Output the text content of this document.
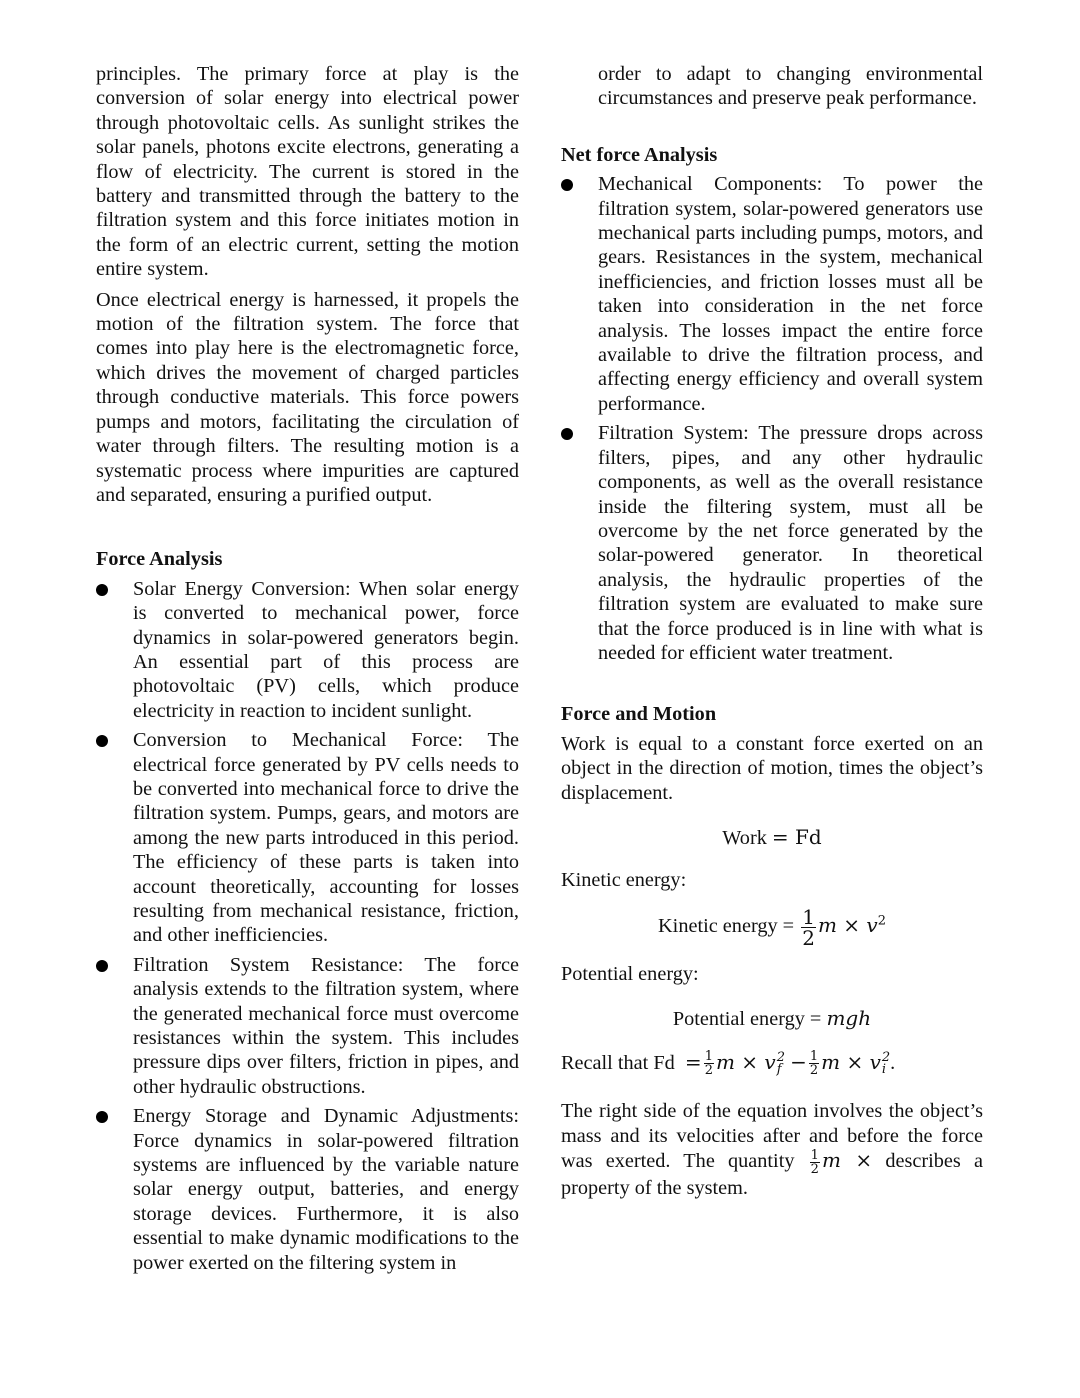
principles. The primary force at play is the conversion of solar energy into electrical power through photovoltaic cells. As sunlight strikes the solar panels, photons excite electrons, generating a flow of electricity. The current is stored in the battery and transmitted through the battery to the filtration system and this force initiates motion in the form of an electric current, setting the motion entire system.

Once electrical energy is harnessed, it propels the motion of the filtration system. The force that comes into play here is the electromagnetic force, which drives the movement of charged particles through conductive materials. This force powers pumps and motors, facilitating the circulation of water through filters. The resulting motion is a systematic process where impurities are captured and separated, ensuring a purified output.

Force Analysis
Solar Energy Conversion: When solar energy is converted to mechanical power, force dynamics in solar-powered generators begin. An essential part of this process are photovoltaic (PV) cells, which produce electricity in reaction to incident sunlight.
Conversion to Mechanical Force: The electrical force generated by PV cells needs to be converted into mechanical force to drive the filtration system. Pumps, gears, and motors are among the new parts introduced in this period. The efficiency of these parts is taken into account theoretically, accounting for losses resulting from mechanical resistance, friction, and other inefficiencies.
Filtration System Resistance: The force analysis extends to the filtration system, where the generated mechanical force must overcome resistances within the system. This includes pressure dips over filters, friction in pipes, and other hydraulic obstructions.
Energy Storage and Dynamic Adjustments: Force dynamics in solar-powered filtration systems are influenced by the variable nature solar energy output, batteries, and energy storage devices. Furthermore, it is also essential to make dynamic modifications to the power exerted on the filtering system in

order to adapt to changing environmental circumstances and preserve peak performance.

Net force Analysis
Mechanical Components: To power the filtration system, solar-powered generators use mechanical parts including pumps, motors, and gears. Resistances in the system, mechanical inefficiencies, and friction losses must all be taken into consideration in the net force analysis. The losses impact the entire force available to drive the filtration process, and affecting energy efficiency and overall system performance.
Filtration System: The pressure drops across filters, pipes, and any other hydraulic components, as well as the overall resistance inside the filtering system, must all be overcome by the net force generated by the solar-powered generator. In theoretical analysis, the hydraulic properties of the filtration system are evaluated to make sure that the force produced is in line with what is needed for efficient water treatment.
Force and Motion

Work is equal to a constant force exerted on an object in the direction of motion, times the object’s displacement.

Work = Fd

Kinetic energy:

Kinetic energy = $\frac{1}{2}$ $m \times v^2$

Potential energy:

Potential energy = mgh
Recall that $Fd = \frac{1}{2}$ m × v 2
$f - \frac{1}{2}$ m × v 2
i .

The right side of the equation involves the object’s mass and its velocities after and before the force was exerted. The quantity $\frac{1}{2}$ m × describes a property of the system.
